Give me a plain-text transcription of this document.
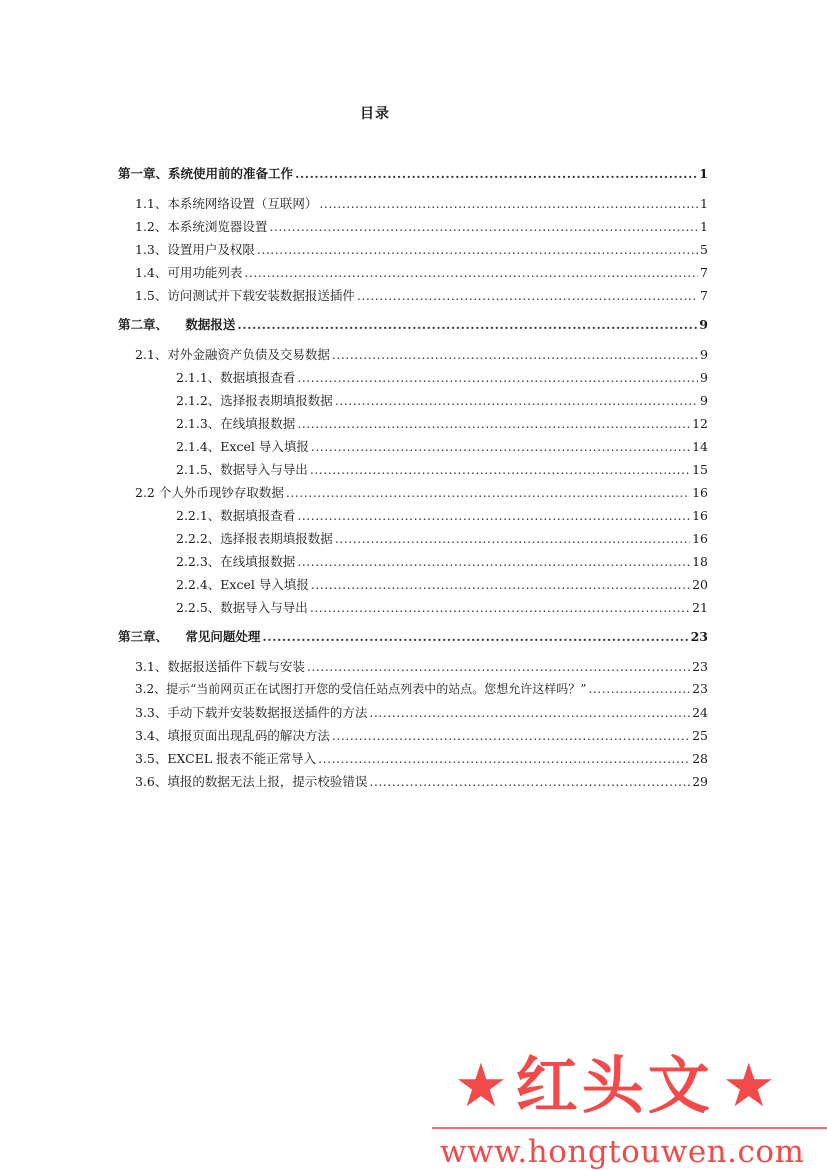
目录
第一章、系统使用前的准备工作 .....	1
1.1、本系统网络设置（互联网） .....	1
1.2、本系统浏览器设置 .....	1
1.3、设置用户及权限 .....	5
1.4、可用功能列表 .....	7
1.5、访问测试并下载安装数据报送插件 .....	7
第二章、    数据报送 .....	9
2.1、对外金融资产负债及交易数据 .....	9
2.1.1、数据填报查看 .....	9
2.1.2、选择报表期填报数据 .....	9
2.1.3、在线填报数据 .....	12
2.1.4、Excel 导入填报 .....	14
2.1.5、数据导入与导出 .....	15
2.2 个人外币现钞存取数据 .....	16
2.2.1、数据填报查看 .....	16
2.2.2、选择报表期填报数据 .....	16
2.2.3、在线填报数据 .....	18
2.2.4、Excel 导入填报 .....	20
2.2.5、数据导入与导出 .....	21
第三章、    常见问题处理 .....	23
3.1、数据报送插件下载与安装 .....	23
3.2、提示“当前网页正在试图打开您的受信任站点列表中的站点。您想允许这样吗？” .....	23
3.3、手动下载并安装数据报送插件的方法 .....	24
3.4、填报页面出现乱码的解决方法 .....	25
3.5、EXCEL 报表不能正常导入 .....	28
3.6、填报的数据无法上报，提示校验错误 .....	29
★ 红头文 ★
www.hongtouwen.com
